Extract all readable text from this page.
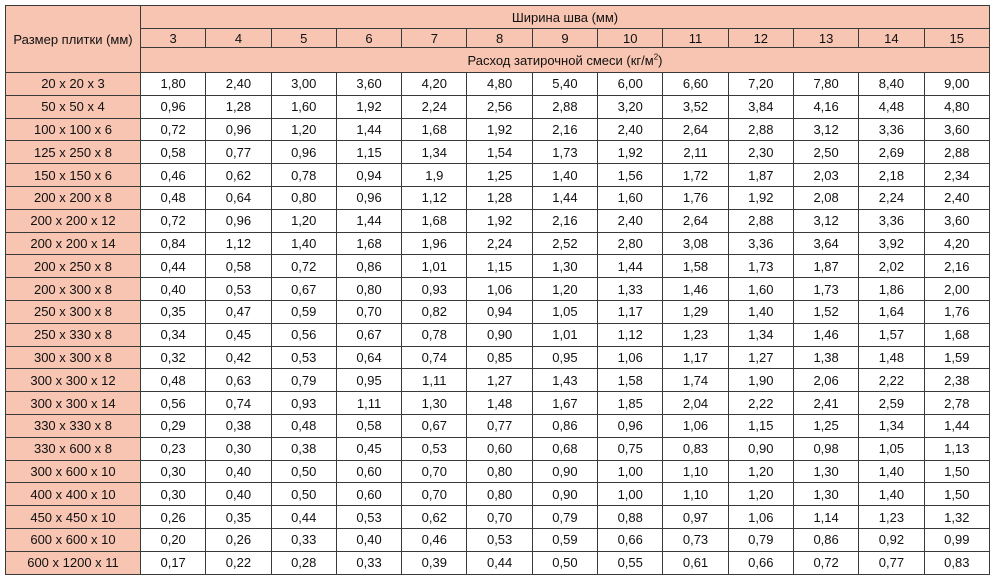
Размер плитки (мм)	Ширина шва (мм)												
	3	4	5	6	7	8	9	10	11	12	13	14	15
	Расход затирочной смеси $(кг/м^2)$												
20 x 20 x 3	1,80	2,40	3,00	3,60	4,20	4,80	5,40	6,00	6,60	7,20	7,80	8,40	9,00
50 x 50 x 4	0,96	1,28	1,60	1,92	2,24	2,56	2,88	3,20	3,52	3,84	4,16	4,48	4,80
100 x 100 x 6	0,72	0,96	1,20	1,44	1,68	1,92	2,16	2,40	2,64	2,88	3,12	3,36	3,60
125 x 250 x 8	0,58	0,77	0,96	1,15	1,34	1,54	1,73	1,92	2,11	2,30	2,50	2,69	2,88
150 x 150 x 6	0,46	0,62	0,78	0,94	1,9	1,25	1,40	1,56	1,72	1,87	2,03	2,18	2,34
200 x 200 x 8	0,48	0,64	0,80	0,96	1,12	1,28	1,44	1,60	1,76	1,92	2,08	2,24	2,40
200 x 200 x 12	0,72	0,96	1,20	1,44	1,68	1,92	2,16	2,40	2,64	2,88	3,12	3,36	3,60
200 x 200 x 14	0,84	1,12	1,40	1,68	1,96	2,24	2,52	2,80	3,08	3,36	3,64	3,92	4,20
200 x 250 x 8	0,44	0,58	0,72	0,86	1,01	1,15	1,30	1,44	1,58	1,73	1,87	2,02	2,16
200 x 300 x 8	0,40	0,53	0,67	0,80	0,93	1,06	1,20	1,33	1,46	1,60	1,73	1,86	2,00
250 x 300 x 8	0,35	0,47	0,59	0,70	0,82	0,94	1,05	1,17	1,29	1,40	1,52	1,64	1,76
250 x 330 x 8	0,34	0,45	0,56	0,67	0,78	0,90	1,01	1,12	1,23	1,34	1,46	1,57	1,68
300 x 300 x 8	0,32	0,42	0,53	0,64	0,74	0,85	0,95	1,06	1,17	1,27	1,38	1,48	1,59
300 x 300 x 12	0,48	0,63	0,79	0,95	1,11	1,27	1,43	1,58	1,74	1,90	2,06	2,22	2,38
300 x 300 x 14	0,56	0,74	0,93	1,11	1,30	1,48	1,67	1,85	2,04	2,22	2,41	2,59	2,78
330 x 330 x 8	0,29	0,38	0,48	0,58	0,67	0,77	0,86	0,96	1,06	1,15	1,25	1,34	1,44
330 x 600 x 8	0,23	0,30	0,38	0,45	0,53	0,60	0,68	0,75	0,83	0,90	0,98	1,05	1,13
300 x 600 x 10	0,30	0,40	0,50	0,60	0,70	0,80	0,90	1,00	1,10	1,20	1,30	1,40	1,50
400 x 400 x 10	0,30	0,40	0,50	0,60	0,70	0,80	0,90	1,00	1,10	1,20	1,30	1,40	1,50
450 x 450 x 10	0,26	0,35	0,44	0,53	0,62	0,70	0,79	0,88	0,97	1,06	1,14	1,23	1,32
600 x 600 x 10	0,20	0,26	0,33	0,40	0,46	0,53	0,59	0,66	0,73	0,79	0,86	0,92	0,99
600 x 1200 x 11	0,17	0,22	0,28	0,33	0,39	0,44	0,50	0,55	0,61	0,66	0,72	0,77	0,83
